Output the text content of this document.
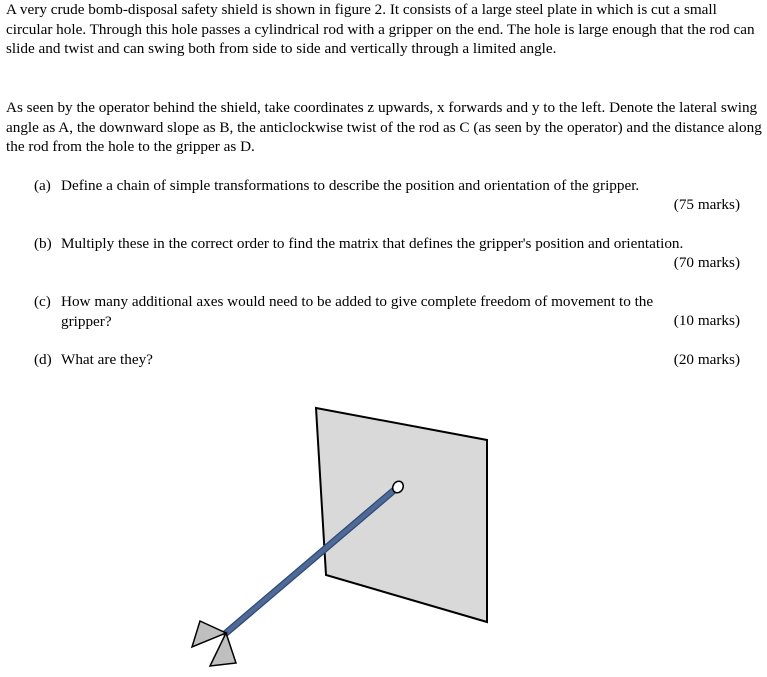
A very crude bomb-disposal safety shield is shown in figure 2. It consists of a large steel plate in which is cut a small circular hole. Through this hole passes a cylindrical rod with a gripper on the end. The hole is large enough that the rod can slide and twist and can swing both from side to side and vertically through a limited angle.

As seen by the operator behind the shield, take coordinates z upwards, x forwards and y to the left. Denote the lateral swing angle as A, the downward slope as B, the anticlockwise twist of the rod as C (as seen by the operator) and the distance along the rod from the hole to the gripper as D.

(a) Define a chain of simple transformations to describe the position and orientation of the gripper.
(75 marks)
(b) Multiply these in the correct order to find the matrix that defines the gripper's position and orientation.
(70 marks)
(c) How many additional axes would need to be added to give complete freedom of movement to the gripper?	(10 marks)
(d) What are they?	(20 marks)
